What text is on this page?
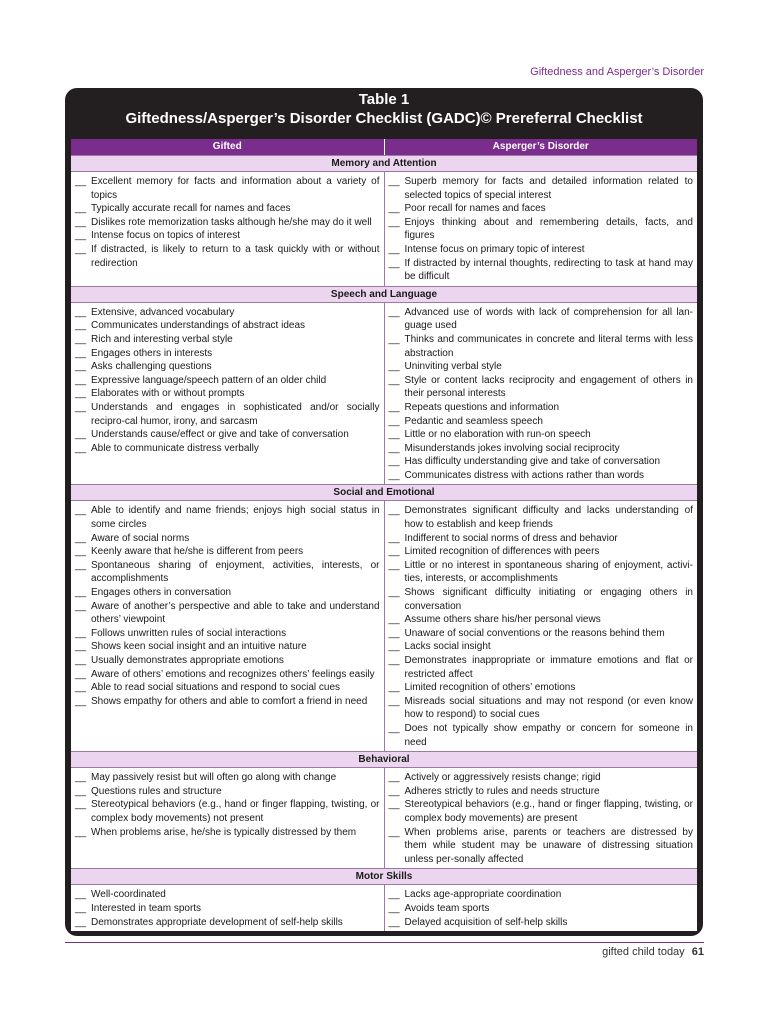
Giftedness and Asperger’s Disorder
Table 1
Giftedness/Asperger’s Disorder Checklist (GADC)© Prereferral Checklist
Gifted	Asperger’s Disorder
Memory and Attention
__ Excellent memory for facts and information about a variety of topics
__ Typically accurate recall for names and faces
__ Dislikes rote memorization tasks although he/she may do it well
__ Intense focus on topics of interest
__ If distracted, is likely to return to a task quickly with or without redirection
__ Superb memory for facts and detailed information related to selected topics of special interest
__ Poor recall for names and faces
__ Enjoys thinking about and remembering details, facts, and figures
__ Intense focus on primary topic of interest
__ If distracted by internal thoughts, redirecting to task at hand may be difficult
Speech and Language
__ Extensive, advanced vocabulary
__ Communicates understandings of abstract ideas
__ Rich and interesting verbal style
__ Engages others in interests
__ Asks challenging questions
__ Expressive language/speech pattern of an older child
__ Elaborates with or without prompts
__ Understands and engages in sophisticated and/or socially recipro-cal humor, irony, and sarcasm
__ Understands cause/effect or give and take of conversation
__ Able to communicate distress verbally
__ Advanced use of words with lack of comprehension for all lan-guage used
__ Thinks and communicates in concrete and literal terms with less abstraction
__ Uninviting verbal style
__ Style or content lacks reciprocity and engagement of others in their personal interests
__ Repeats questions and information
__ Pedantic and seamless speech
__ Little or no elaboration with run-on speech
__ Misunderstands jokes involving social reciprocity
__ Has difficulty understanding give and take of conversation
__ Communicates distress with actions rather than words
Social and Emotional
__ Able to identify and name friends; enjoys high social status in some circles
__ Aware of social norms
__ Keenly aware that he/she is different from peers
__ Spontaneous sharing of enjoyment, activities, interests, or accomplishments
__ Engages others in conversation
__ Aware of another’s perspective and able to take and understand others’ viewpoint
__ Follows unwritten rules of social interactions
__ Shows keen social insight and an intuitive nature
__ Usually demonstrates appropriate emotions
__ Aware of others’ emotions and recognizes others’ feelings easily
__ Able to read social situations and respond to social cues
__ Shows empathy for others and able to comfort a friend in need
__ Demonstrates significant difficulty and lacks understanding of how to establish and keep friends
__ Indifferent to social norms of dress and behavior
__ Limited recognition of differences with peers
__ Little or no interest in spontaneous sharing of enjoyment, activi-ties, interests, or accomplishments
__ Shows significant difficulty initiating or engaging others in conversation
__ Assume others share his/her personal views
__ Unaware of social conventions or the reasons behind them
__ Lacks social insight
__ Demonstrates inappropriate or immature emotions and flat or restricted affect
__ Limited recognition of others’ emotions
__ Misreads social situations and may not respond (or even know how to respond) to social cues
__ Does not typically show empathy or concern for someone in need
Behavioral
__ May passively resist but will often go along with change
__ Questions rules and structure
__ Stereotypical behaviors (e.g., hand or finger flapping, twisting, or complex body movements) not present
__ When problems arise, he/she is typically distressed by them
__ Actively or aggressively resists change; rigid
__ Adheres strictly to rules and needs structure
__ Stereotypical behaviors (e.g., hand or finger flapping, twisting, or complex body movements) are present
__ When problems arise, parents or teachers are distressed by them while student may be unaware of distressing situation unless per-sonally affected
Motor Skills
__ Well-coordinated
__ Interested in team sports
__ Demonstrates appropriate development of self-help skills
__ Lacks age-appropriate coordination
__ Avoids team sports
__ Delayed acquisition of self-help skills
Note. From Amend, Beaver-Gavin, Schuler, and Beights (2008).
gifted child today 61
